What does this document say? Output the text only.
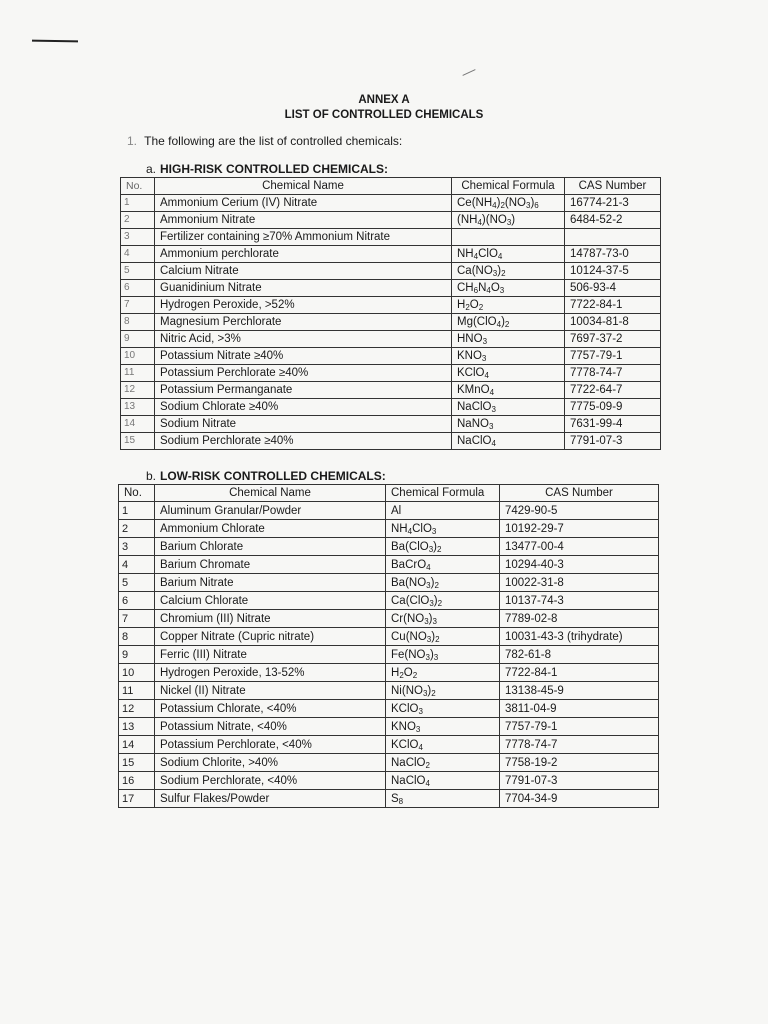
ANNEX A
LIST OF CONTROLLED CHEMICALS
1. The following are the list of controlled chemicals:
a. HIGH-RISK CONTROLLED CHEMICALS:
No.	Chemical Name	Chemical Formula	CAS Number
1	Ammonium Cerium (IV) Nitrate	$Ce(NH_4)_2(NO_3)_6$	16774-21-3
2	Ammonium Nitrate	$(NH_4)(NO_3)$	6484-52-2
3	Fertilizer containing ≥70% Ammonium Nitrate		
4	Ammonium perchlorate	$NH_4ClO_4$	14787-73-0
5	Calcium Nitrate	$Ca(NO_3)_2$	10124-37-5
6	Guanidinium Nitrate	$CH_6N_4O_3$	506-93-4
7	Hydrogen Peroxide, >52%	$H_2O_2$	7722-84-1
8	Magnesium Perchlorate	$Mg(ClO_4)_2$	10034-81-8
9	Nitric Acid, >3%	$HNO_3$	7697-37-2
10	Potassium Nitrate ≥40%	$KNO_3$	7757-79-1
11	Potassium Perchlorate ≥40%	KClO$_4$	7778-74-7
12	Potassium Permanganate	KMnO$_4$	7722-64-7
13	Sodium Chlorate ≥40%	NaClO$_3$	7775-09-9
14	Sodium Nitrate	NaNO$_3$	7631-99-4
15	Sodium Perchlorate ≥40%	NaClO$_4$	7791-07-3
b. LOW-RISK CONTROLLED CHEMICALS:
No.	Chemical Name	Chemical Formula	CAS Number
1	Aluminum Granular/Powder	Al	7429-90-5
2	Ammonium Chlorate	$NH_4ClO_3$	10192-29-7
3	Barium Chlorate	$Ba(ClO_3)_2$	13477-00-4
4	Barium Chromate	BaCrO$_4$	10294-40-3
5	Barium Nitrate	$Ba(NO_3)_2$	10022-31-8
6	Calcium Chlorate	$Ca(ClO_3)_2$	10137-74-3
7	Chromium (III) Nitrate	$Cr(NO_3)_3$	7789-02-8
8	Copper Nitrate (Cupric nitrate)	$Cu(NO_3)_2$	10031-43-3 (trihydrate)
9	Ferric (III) Nitrate	$Fe(NO_3)_3$	782-61-8
10	Hydrogen Peroxide, 13-52%	$H_2O_2$	7722-84-1
11	Nickel (II) Nitrate	$Ni(NO_3)_2$	13138-45-9
12	Potassium Chlorate, <40%	KClO$_3$	3811-04-9
13	Potassium Nitrate, <40%	$KNO_3$	7757-79-1
14	Potassium Perchlorate, <40%	KClO$_4$	7778-74-7
15	Sodium Chlorite, >40%	NaClO$_2$	7758-19-2
16	Sodium Perchlorate, <40%	NaClO$_4$	7791-07-3
17	Sulfur Flakes/Powder	$S_8$	7704-34-9
